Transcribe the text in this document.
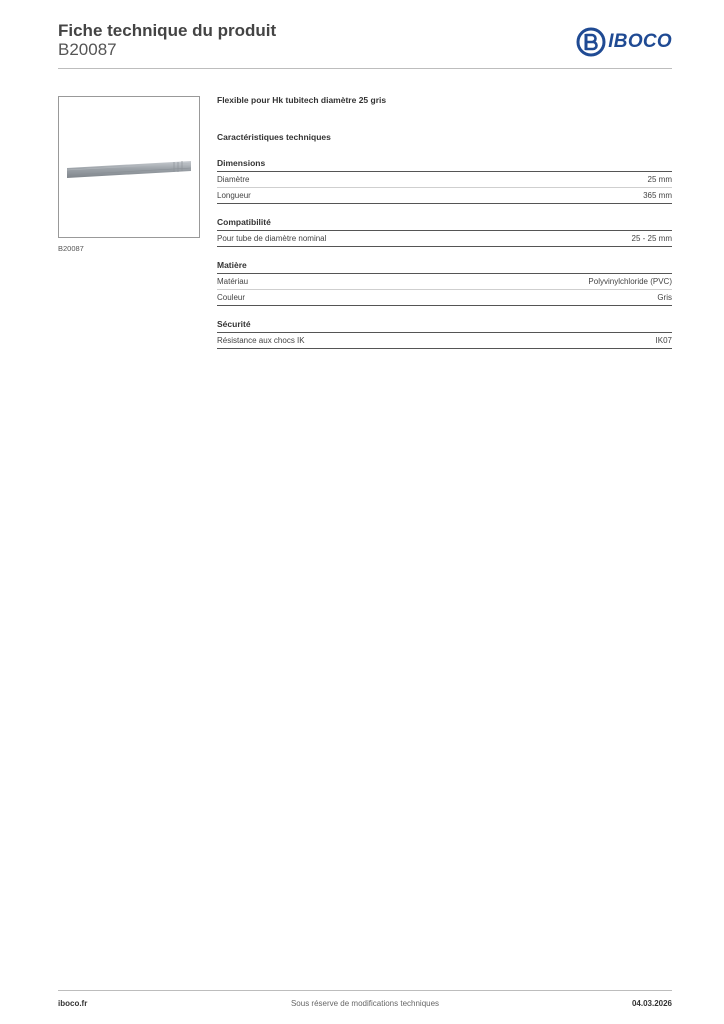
Fiche technique du produit
B20087	IBOCO
B20087
Flexible pour Hk tubitech diamètre 25 gris
Caractéristiques techniques
Dimensions
Diamètre	25 mm
Longueur	365 mm
Compatibilité
Pour tube de diamètre nominal	25 - 25 mm
Matière
Matériau	Polyvinylchloride (PVC)
Couleur	Gris
Sécurité
Résistance aux chocs IK	IK07
Sous réserve de modifications techniques
iboco.fr	04.03.2026
